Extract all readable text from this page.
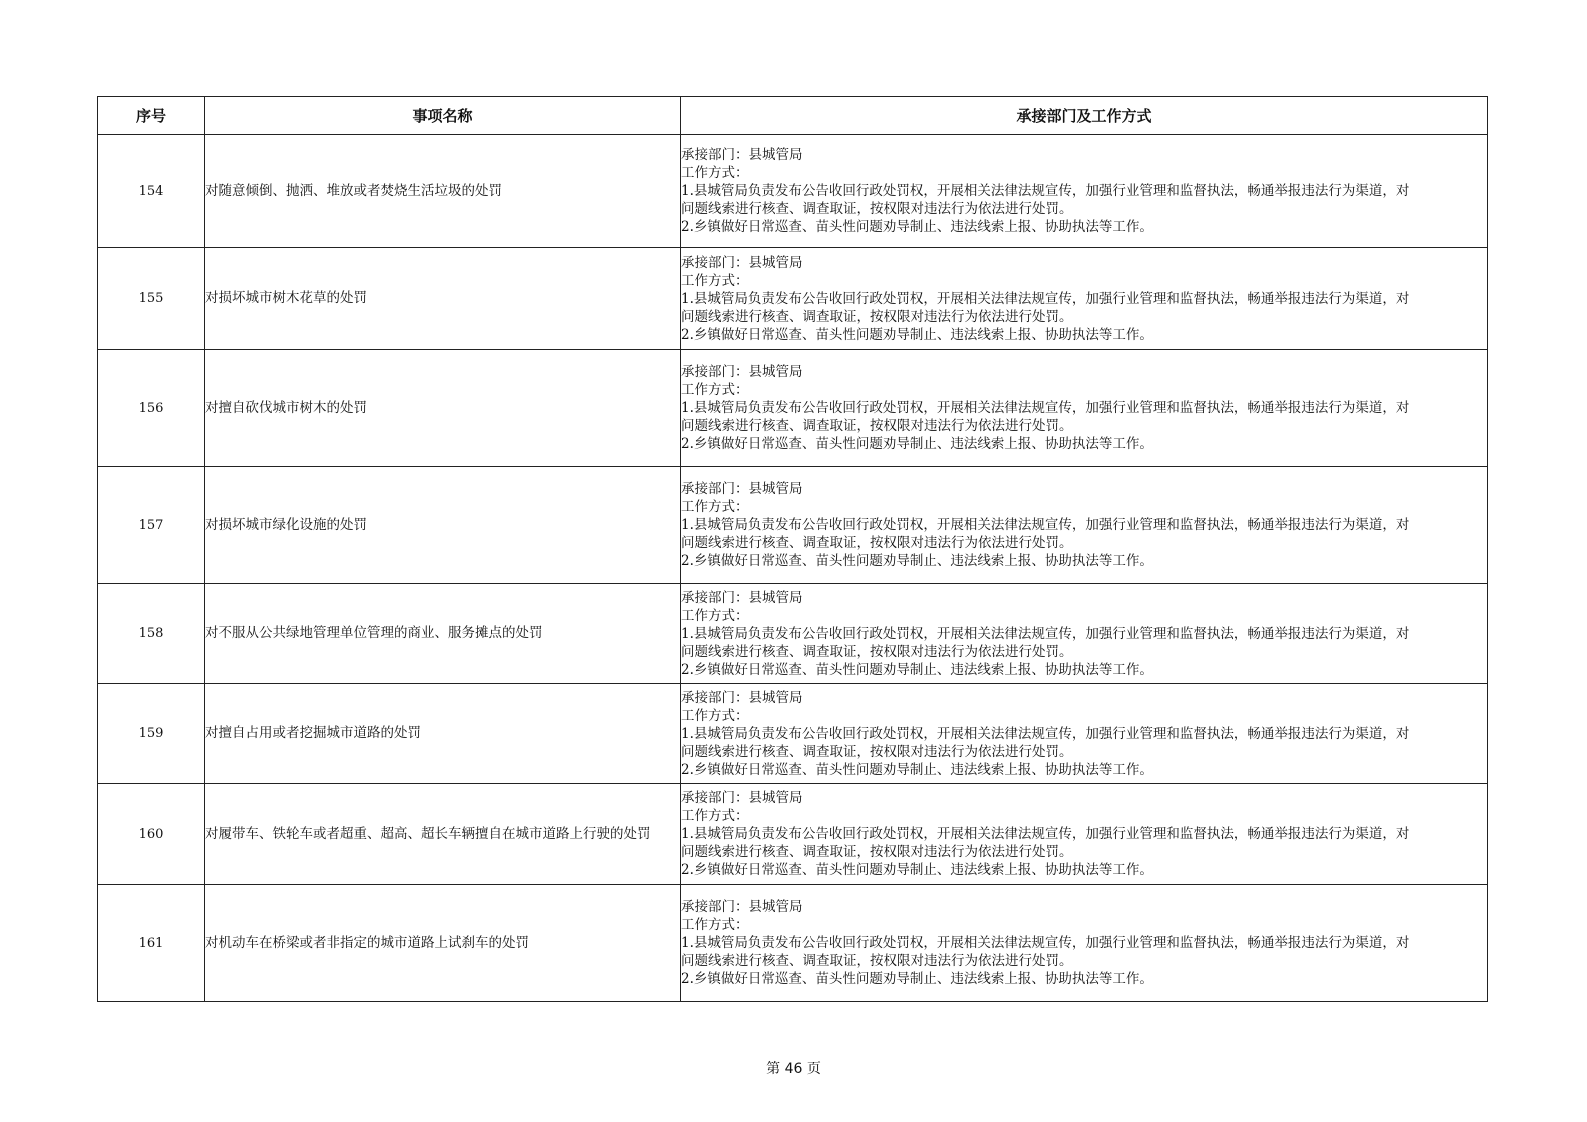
序号	事项名称	承接部门及工作方式
154	对随意倾倒、抛洒、堆放或者焚烧生活垃圾的处罚	承接部门：县城管局
工作方式：
1.县城管局负责发布公告收回行政处罚权，开展相关法律法规宣传，加强行业管理和监督执法，畅通举报违法行为渠道，对
问题线索进行核查、调查取证，按权限对违法行为依法进行处罚。
2.乡镇做好日常巡查、苗头性问题劝导制止、违法线索上报、协助执法等工作。

155	对损坏城市树木花草的处罚	承接部门：县城管局
工作方式：
1.县城管局负责发布公告收回行政处罚权，开展相关法律法规宣传，加强行业管理和监督执法，畅通举报违法行为渠道，对
问题线索进行核查、调查取证，按权限对违法行为依法进行处罚。
2.乡镇做好日常巡查、苗头性问题劝导制止、违法线索上报、协助执法等工作。

156	对擅自砍伐城市树木的处罚	承接部门：县城管局
工作方式：
1.县城管局负责发布公告收回行政处罚权，开展相关法律法规宣传，加强行业管理和监督执法，畅通举报违法行为渠道，对
问题线索进行核查、调查取证，按权限对违法行为依法进行处罚。
2.乡镇做好日常巡查、苗头性问题劝导制止、违法线索上报、协助执法等工作。

157	对损坏城市绿化设施的处罚	承接部门：县城管局
工作方式：
1.县城管局负责发布公告收回行政处罚权，开展相关法律法规宣传，加强行业管理和监督执法，畅通举报违法行为渠道，对
问题线索进行核查、调查取证，按权限对违法行为依法进行处罚。
2.乡镇做好日常巡查、苗头性问题劝导制止、违法线索上报、协助执法等工作。

158	对不服从公共绿地管理单位管理的商业、服务摊点的处罚	承接部门：县城管局
工作方式：
1.县城管局负责发布公告收回行政处罚权，开展相关法律法规宣传，加强行业管理和监督执法，畅通举报违法行为渠道，对
问题线索进行核查、调查取证，按权限对违法行为依法进行处罚。
2.乡镇做好日常巡查、苗头性问题劝导制止、违法线索上报、协助执法等工作。

159	对擅自占用或者挖掘城市道路的处罚	承接部门：县城管局
工作方式：
1.县城管局负责发布公告收回行政处罚权，开展相关法律法规宣传，加强行业管理和监督执法，畅通举报违法行为渠道，对
问题线索进行核查、调查取证，按权限对违法行为依法进行处罚。
2.乡镇做好日常巡查、苗头性问题劝导制止、违法线索上报、协助执法等工作。

160	对履带车、铁轮车或者超重、超高、超长车辆擅自在城市道路上行驶的处罚	承接部门：县城管局
工作方式：
1.县城管局负责发布公告收回行政处罚权，开展相关法律法规宣传，加强行业管理和监督执法，畅通举报违法行为渠道，对
问题线索进行核查、调查取证，按权限对违法行为依法进行处罚。
2.乡镇做好日常巡查、苗头性问题劝导制止、违法线索上报、协助执法等工作。

161	对机动车在桥梁或者非指定的城市道路上试刹车的处罚	承接部门：县城管局
工作方式：
1.县城管局负责发布公告收回行政处罚权，开展相关法律法规宣传，加强行业管理和监督执法，畅通举报违法行为渠道，对
问题线索进行核查、调查取证，按权限对违法行为依法进行处罚。
2.乡镇做好日常巡查、苗头性问题劝导制止、违法线索上报、协助执法等工作。
第 46 页
